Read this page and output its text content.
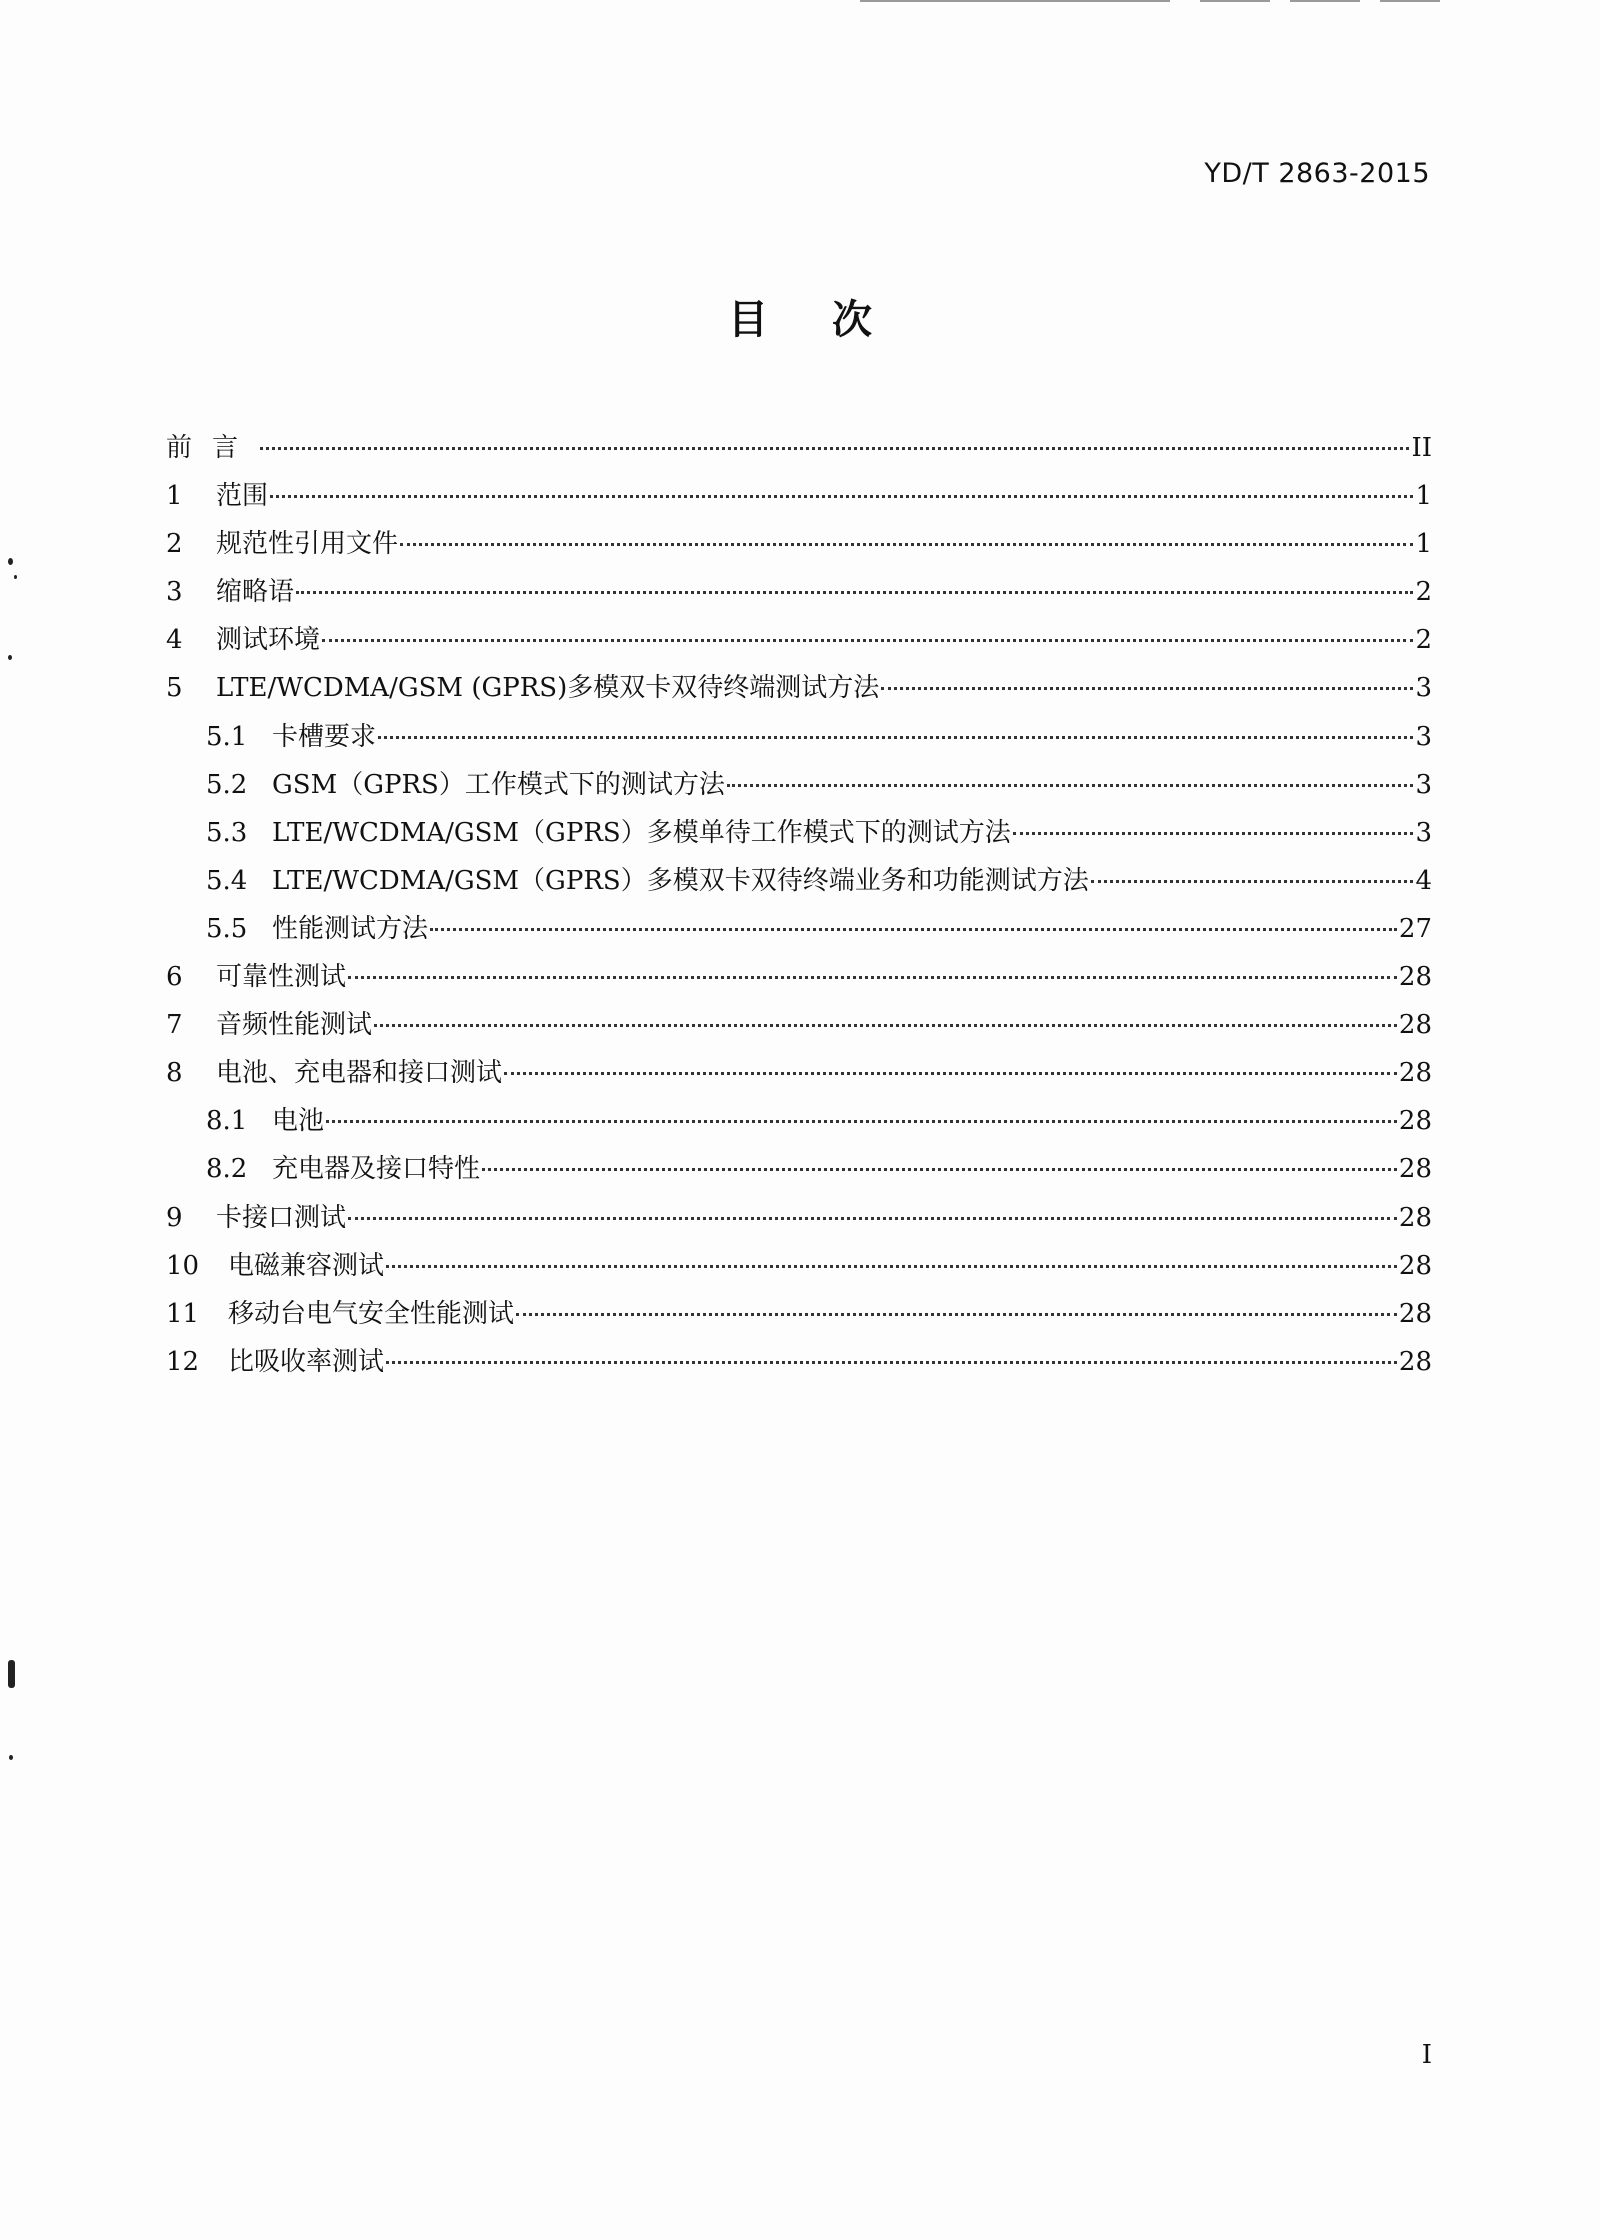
YD/T 2863-2015
目次
前言	II
1	范围	1
2	规范性引用文件	1
3	缩略语	2
4	测试环境	2
5	LTE/WCDMA/GSM (GPRS)多模双卡双待终端测试方法	3
5.1 卡槽要求	3
5.2 GSM（GPRS）工作模式下的测试方法	3
5.3 LTE/WCDMA/GSM（GPRS）多模单待工作模式下的测试方法	3
5.4 LTE/WCDMA/GSM（GPRS）多模双卡双待终端业务和功能测试方法	4
5.5 性能测试方法	27
6	可靠性测试	28
7	音频性能测试	28
8	电池、充电器和接口测试	28
8.1 电池	28
8.2 充电器及接口特性	28
9	卡接口测试	28
10	电磁兼容测试	28
11	移动台电气安全性能测试	28
12	比吸收率测试	28
I
